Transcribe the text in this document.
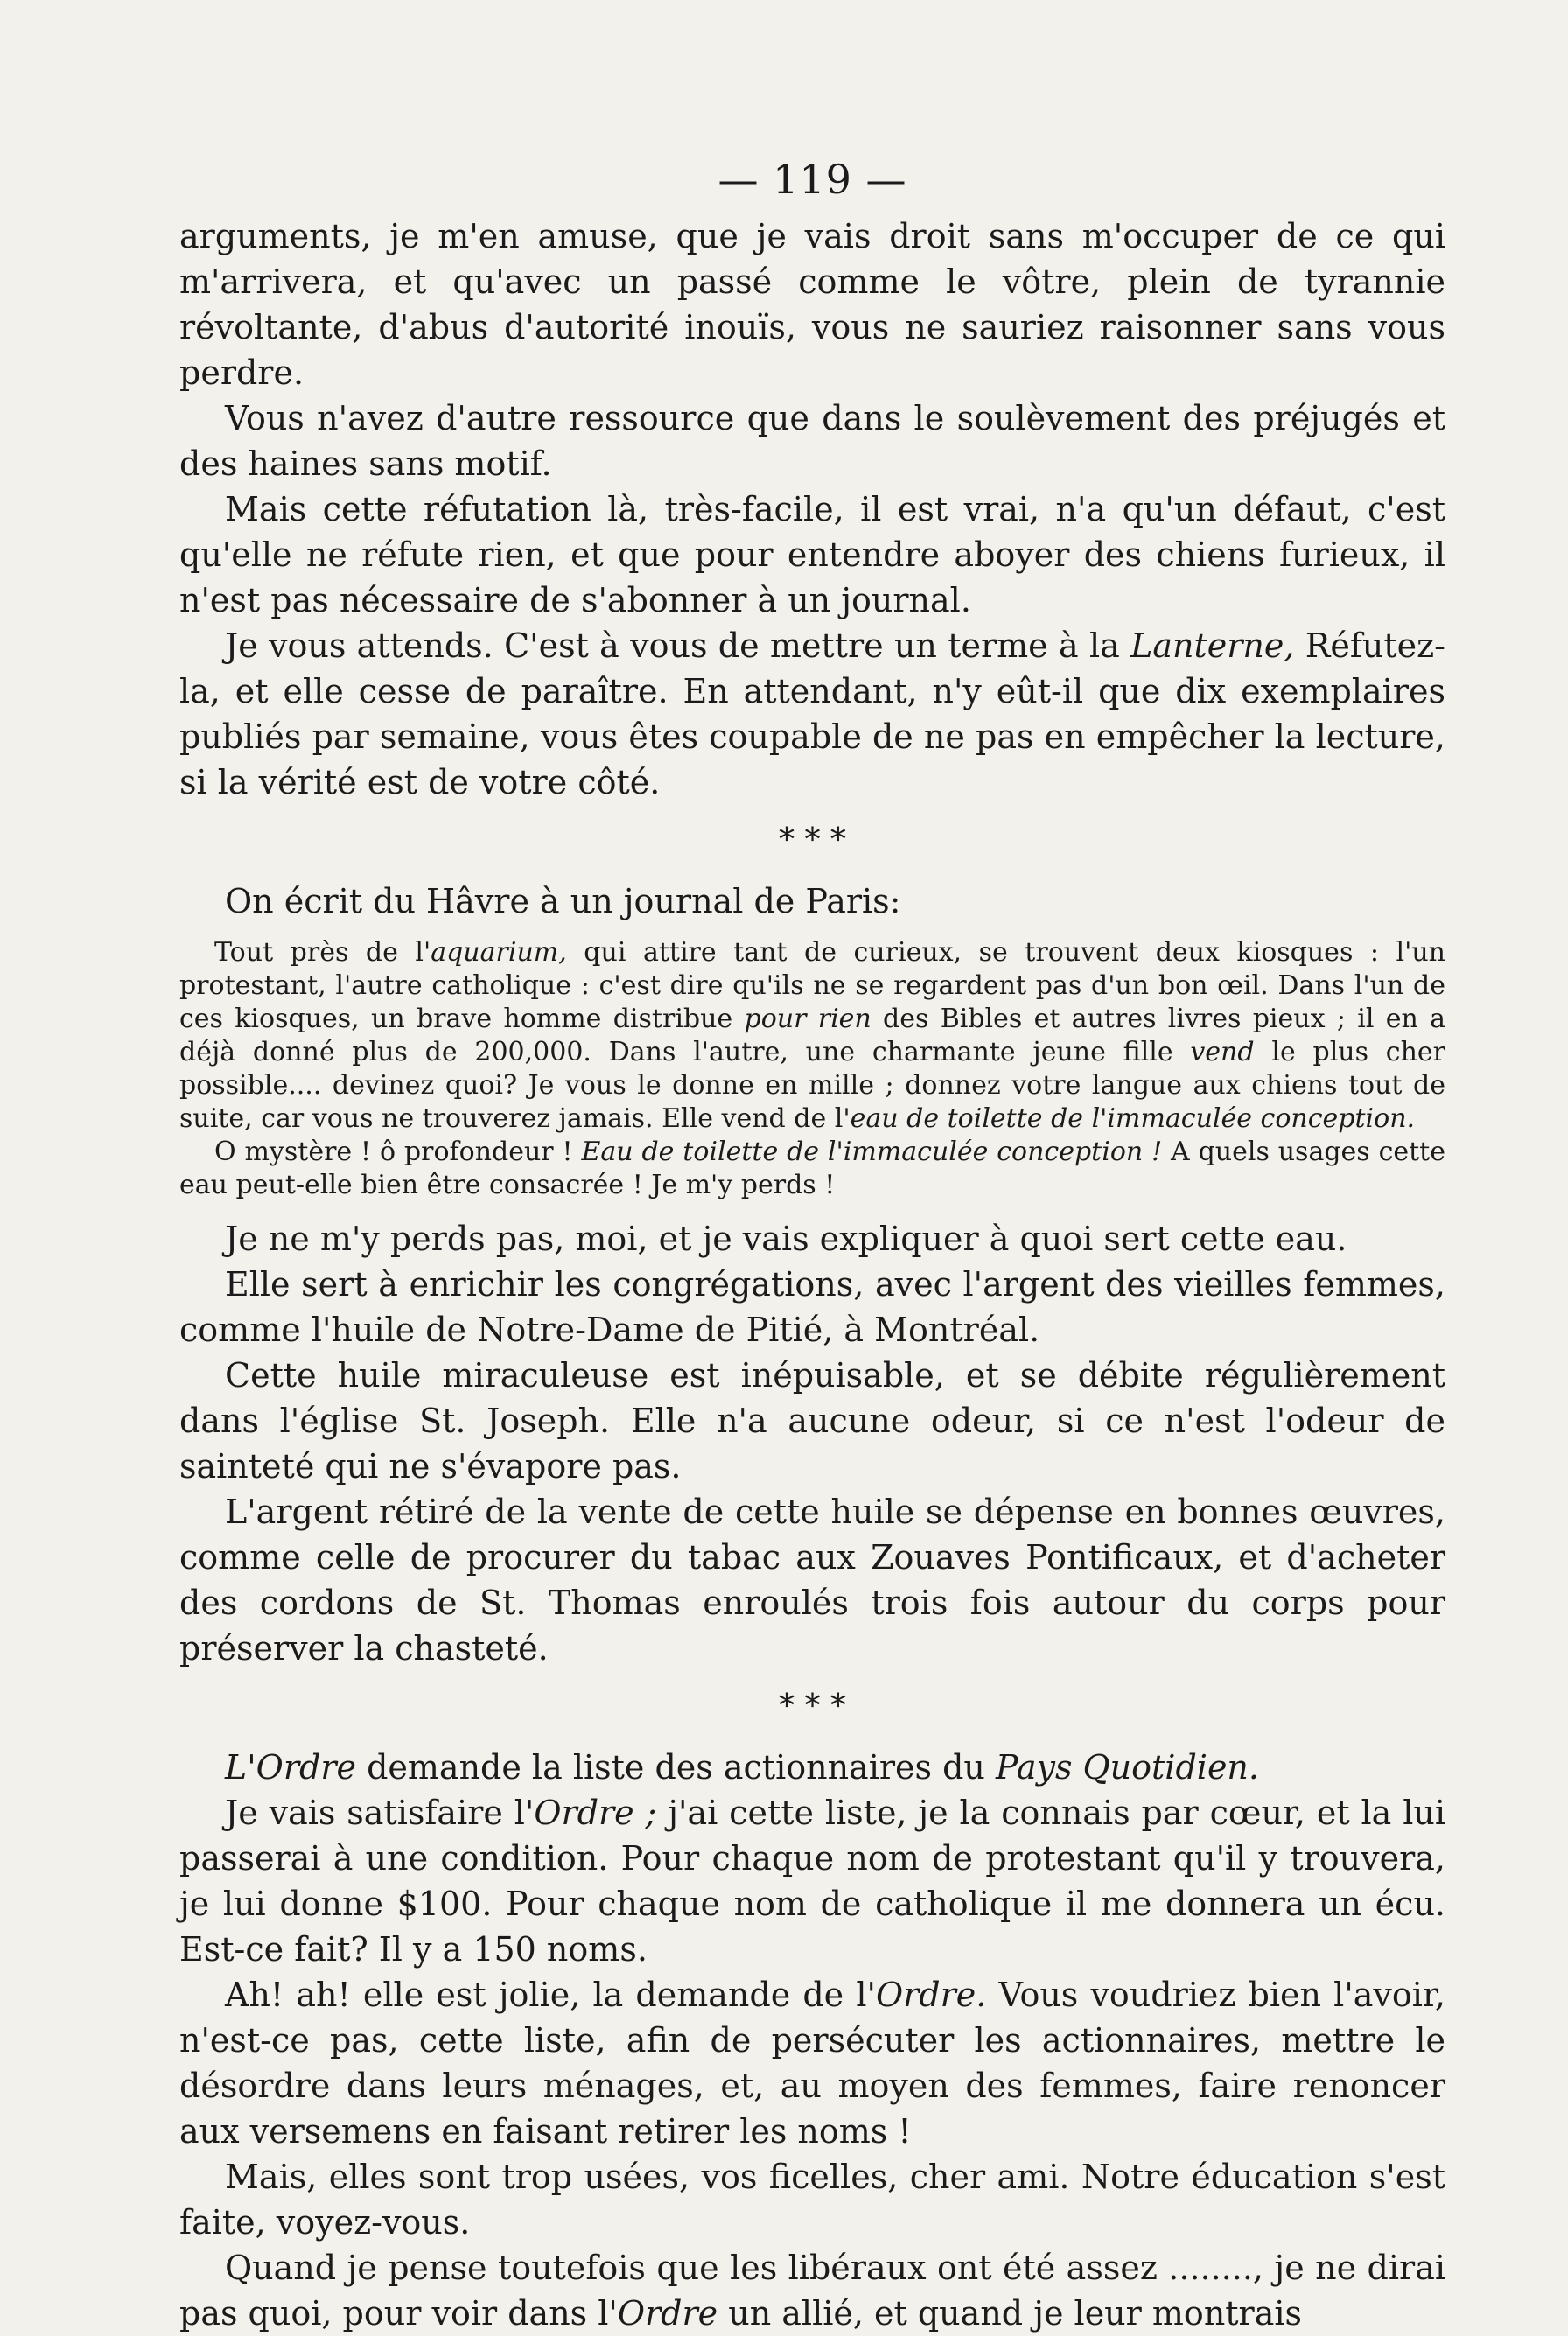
— 119 —

arguments, je m'en amuse, que je vais droit sans m'occuper de ce qui m'arrivera, et qu'avec un passé comme le vôtre, plein de tyrannie révoltante, d'abus d'autorité inouïs, vous ne sauriez raisonner sans vous perdre.

Vous n'avez d'autre ressource que dans le soulèvement des préjugés et des haines sans motif.

Mais cette réfutation là, très-facile, il est vrai, n'a qu'un défaut, c'est qu'elle ne réfute rien, et que pour entendre aboyer des chiens furieux, il n'est pas nécessaire de s'abonner à un journal.

Je vous attends. C'est à vous de mettre un terme à la Lanterne, Réfutez-la, et elle cesse de paraître. En attendant, n'y eût-il que dix exemplaires publiés par semaine, vous êtes coupable de ne pas en empêcher la lecture, si la vérité est de votre côté.

* * *

On écrit du Hâvre à un journal de Paris:

Tout près de l'aquarium, qui attire tant de curieux, se trouvent deux kiosques : l'un protestant, l'autre catholique : c'est dire qu'ils ne se regardent pas d'un bon œil. Dans l'un de ces kiosques, un brave homme distribue pour rien des Bibles et autres livres pieux ; il en a déjà donné plus de 200,000. Dans l'autre, une charmante jeune fille vend le plus cher possible.... devinez quoi? Je vous le donne en mille ; donnez votre langue aux chiens tout de suite, car vous ne trouverez jamais. Elle vend de l'eau de toilette de l'immaculée conception.

O mystère ! ô profondeur ! Eau de toilette de l'immaculée conception ! A quels usages cette eau peut-elle bien être consacrée ! Je m'y perds !

Je ne m'y perds pas, moi, et je vais expliquer à quoi sert cette eau.

Elle sert à enrichir les congrégations, avec l'argent des vieilles femmes, comme l'huile de Notre-Dame de Pitié, à Montréal.

Cette huile miraculeuse est inépuisable, et se débite régulièrement dans l'église St. Joseph. Elle n'a aucune odeur, si ce n'est l'odeur de sainteté qui ne s'évapore pas.

L'argent rétiré de la vente de cette huile se dépense en bonnes œuvres, comme celle de procurer du tabac aux Zouaves Pontificaux, et d'acheter des cordons de St. Thomas enroulés trois fois autour du corps pour préserver la chasteté.

* * *

L'Ordre demande la liste des actionnaires du Pays Quotidien.

Je vais satisfaire l'Ordre ; j'ai cette liste, je la connais par cœur, et la lui passerai à une condition. Pour chaque nom de protestant qu'il y trouvera, je lui donne $100. Pour chaque nom de catholique il me donnera un écu. Est-ce fait? Il y a 150 noms.

Ah! ah! elle est jolie, la demande de l'Ordre. Vous voudriez bien l'avoir, n'est-ce pas, cette liste, afin de persécuter les actionnaires, mettre le désordre dans leurs ménages, et, au moyen des femmes, faire renoncer aux versemens en faisant retirer les noms !

Mais, elles sont trop usées, vos ficelles, cher ami. Notre éducation s'est faite, voyez-vous.

Quand je pense toutefois que les libéraux ont été assez ........, je ne dirai pas quoi, pour voir dans l'Ordre un allié, et quand je leur montrais
